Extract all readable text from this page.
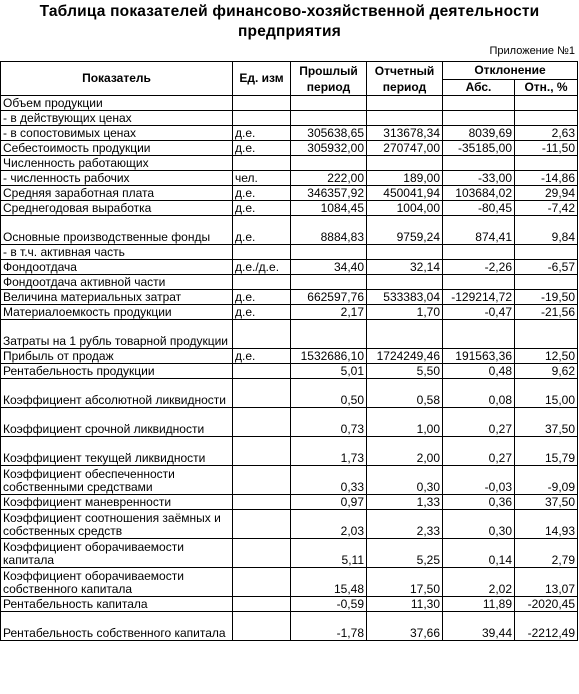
Таблица показателей финансово-хозяйственной деятельности
предприятия
Приложение №1
Показатель	Ед. изм	Прошлый период	Отчетный период	Отклонение	
				Абс.	Отн., %
Объем продукции					
- в действующих ценах					
- в сопостовимых ценах	д.е.	305638,65	313678,34	8039,69	2,63
Себестоимость продукции	д.е.	305932,00	270747,00	-35185,00	-11,50
Численность работающих					
- численность рабочих	чел.	222,00	189,00	-33,00	-14,86
Средняя заработная плата	д.е.	346357,92	450041,94	103684,02	29,94
Среднегодовая выработка	д.е.	1084,45	1004,00	-80,45	-7,42
Основные производственные фонды	д.е.	8884,83	9759,24	874,41	9,84
- в т.ч. активная часть					
Фондоотдача	д.е./д.е.	34,40	32,14	-2,26	-6,57
Фондоотдача активной части					
Величина материальных затрат	д.е.	662597,76	533383,04	-129214,72	-19,50
Материалоемкость продукции	д.е.	2,17	1,70	-0,47	-21,56
Затраты на 1 рубль товарной продукции					
Прибыль от продаж	д.е.	1532686,10	1724249,46	191563,36	12,50
Рентабельность продукции		5,01	5,50	0,48	9,62
Коэффициент абсолютной ликвидности		0,50	0,58	0,08	15,00
Коэффициент срочной ликвидности		0,73	1,00	0,27	37,50
Коэффициент текущей ликвидности		1,73	2,00	0,27	15,79
Коэффициент обеспеченности собственными средствами		0,33	0,30	-0,03	-9,09
Коэффициент маневренности		0,97	1,33	0,36	37,50
Коэффициент соотношения заёмных и собственных средств		2,03	2,33	0,30	14,93
Коэффициент оборачиваемости капитала		5,11	5,25	0,14	2,79
Коэффициент оборачиваемости собственного капитала		15,48	17,50	2,02	13,07
Рентабельность капитала		-0,59	11,30	11,89	-2020,45
Рентабельность собственного капитала		-1,78	37,66	39,44	-2212,49
